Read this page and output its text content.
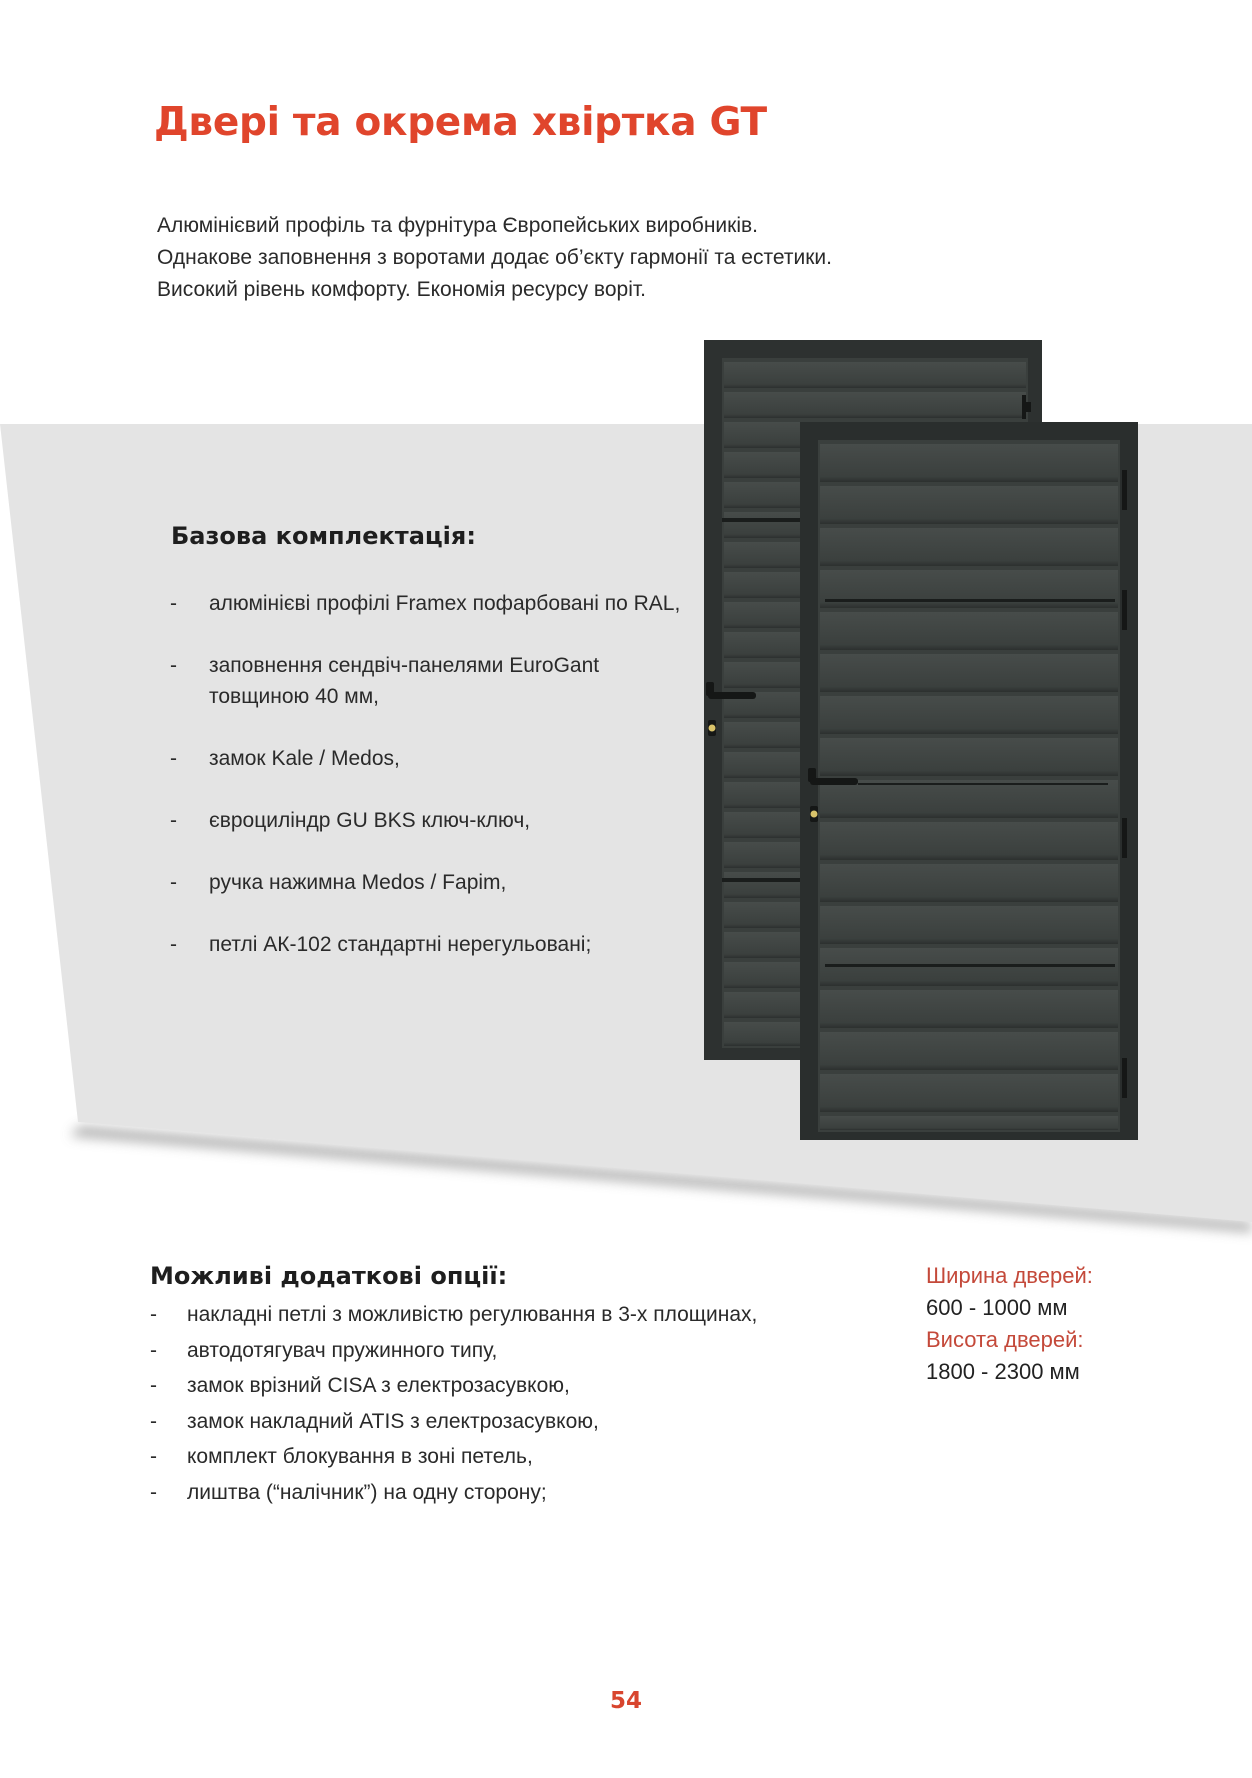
Двері та окрема хвіртка GT
Алюмінієвий профіль та фурнітура Європейських виробників.
Однакове заповнення з воротами додає об’єкту гармонії та естетики.
Високий рівень комфорту. Економія ресурсу воріт.
Базова комплектація:
- алюмінієві профілі Framex пофарбовані по RAL,
- заповнення сендвіч-панелями EuroGant товщиною 40 мм,
- замок Kale / Medos,
- євроциліндр GU BKS ключ-ключ,
- ручка нажимна Medos / Fapim,
- петлі АК-102 стандартні нерегульовані;
Можливі додаткові опції:
- накладні петлі з можливістю регулювання в 3-х площинах,
- автодотягувач пружинного типу,
- замок врізний CISA з електрозасувкою,
- замок накладний ATIS з електрозасувкою,
- комплект блокування в зоні петель,
- лиштва (“налічник”) на одну сторону;
Ширина дверей:
600 - 1000 мм
Висота дверей:
1800 - 2300 мм
54
